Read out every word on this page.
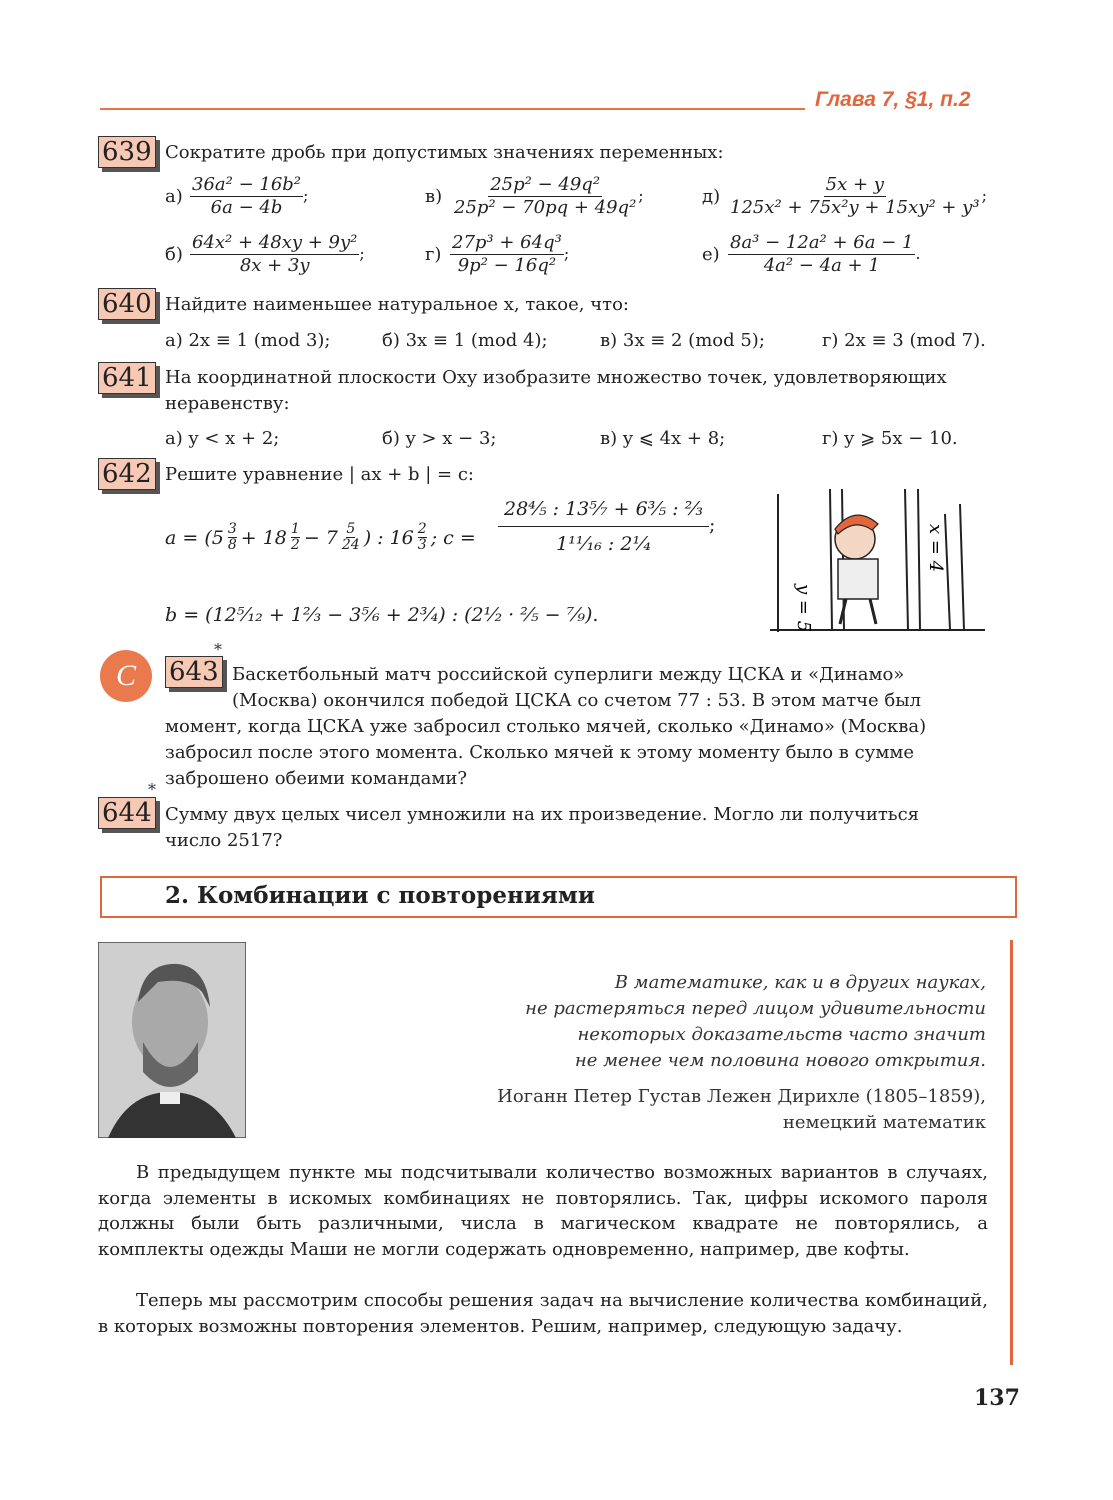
Глава 7, §1, п.2
639 Сократите дробь при допустимых значениях переменных:
$а) \frac{\text{36a² − 16b²}}{6a - 4b}$ ;	$в) \frac{\text{25p² − 49q²}}{\text{25p² − 70pq + 49q²}}$ ;	$д) \frac{5x + y}{\text{125x² + 75x²y + 15xy² + y³}}$ ;
$б) \frac{\text{64x² + 48xy + 9y²}}{8x + 3y}$ ;	$г) \frac{\text{27p³ + 64q³}}{\text{9p² − 16q²}}$ ;	$е) \frac{\text{8a³ − 12a² + 6a − 1}}{\text{4a² − 4a + 1}}$ .
640 Найдите наименьшее натуральное x, такое, что:
а) 2x ≡ 1 (mod 3);	б) 3x ≡ 1 (mod 4);	в) 3x ≡ 2 (mod 5);	г) 2x ≡ 3 (mod 7).
641 На координатной плоскости Oxy изобразите множество точек, удовлетворяющих неравенству:
а) y < x + 2;	б) y > x − 3;	в) y ⩽ 4x + 8;	г) y ⩾ 5x − 10.
642 Решите уравнение | ax + b | = c:
$a = (5 \frac{3}{8} + 18 \frac{1}{2} - 7 \frac{5}{24}$ ) : $16 \frac{2}{3}$ ; $c = \frac{\text{28⁴⁄₅ : 13⁵⁄₇ + 6³⁄₅ : ²⁄₃}}{\text{1¹¹⁄₁₆ : 2¹⁄₄}}$ ;
b = (12⁵⁄₁₂ + 1²⁄₃ − 3⁵⁄₆ + 2³⁄₄) : (2¹⁄₂ · ²⁄₅ − ⁷⁄₉).	y = 5
x = 4
C	643
*
Баскетбольный матч российской суперлиги между ЦСКА и «Динамо»
(Москва) окончился победой ЦСКА со счетом 77 : 53. В этом матче был
момент, когда ЦСКА уже забросил столько мячей, сколько «Динамо» (Москва)
забросил после этого момента. Сколько мячей к этому моменту было в сумме
заброшено обеими командами?
644
*
Сумму двух целых чисел умножили на их произведение. Могло ли получиться
число 2517?
2. Комбинации с повторениями
В математике, как и в других науках,
не растеряться перед лицом удивительности
некоторых доказательств часто значит
не менее чем половина нового открытия.
Иоганн Петер Густав Лежен Дирихле (1805–1859),
немецкий математик
В предыдущем пункте мы подсчитывали количество возможных вариантов в случаях, когда элементы в искомых комбинациях не повторялись. Так, цифры искомого пароля должны были быть различными, числа в магическом квадрате не повторялись, а комплекты одежды Маши не могли содержать одновременно, например, две кофты.
Теперь мы рассмотрим способы решения задач на вычисление количества комбинаций, в которых возможны повторения элементов. Решим, например, следующую задачу.
137
